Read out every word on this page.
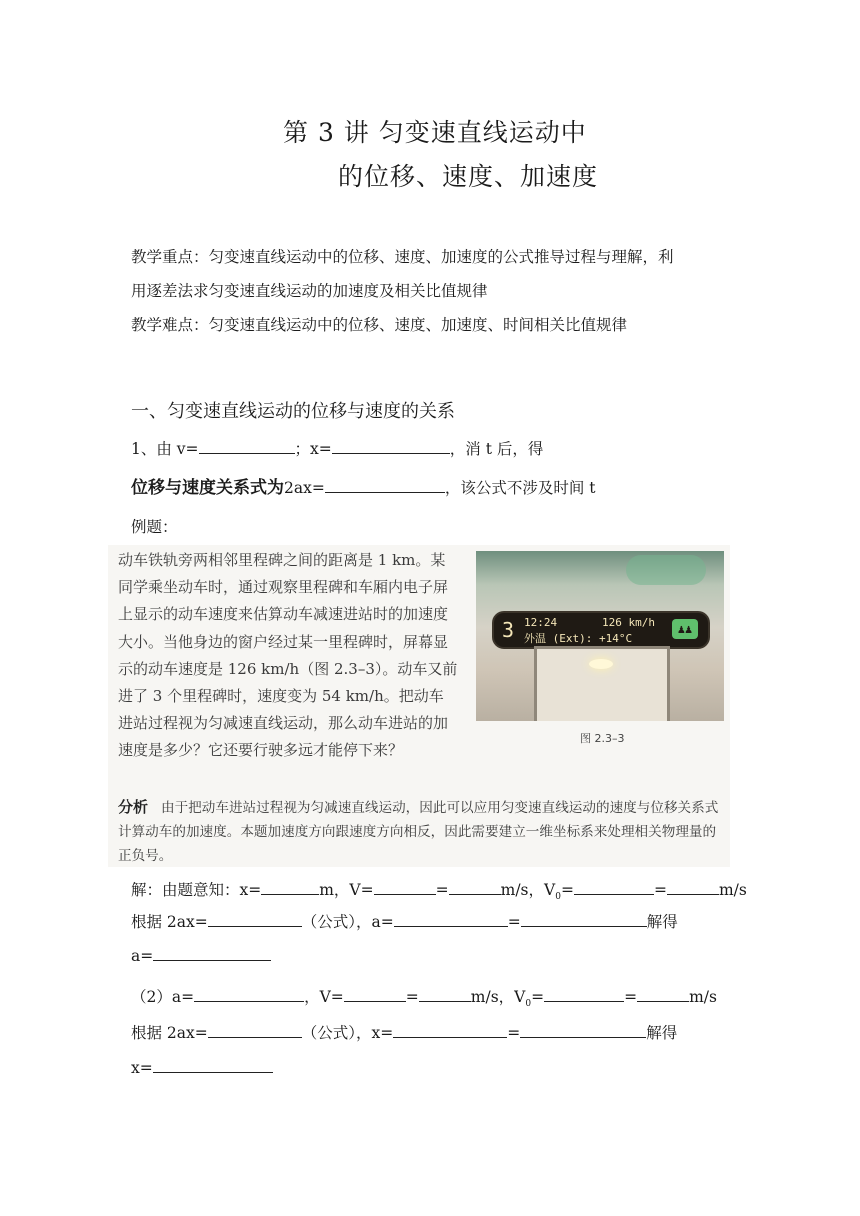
第 3 讲 匀变速直线运动中
的位移、速度、加速度
教学重点：匀变速直线运动中的位移、速度、加速度的公式推导过程与理解，利
用逐差法求匀变速直线运动的加速度及相关比值规律
教学难点：匀变速直线运动中的位移、速度、加速度、时间相关比值规律
一、匀变速直线运动的位移与速度的关系
1、由 v=	；x=	，消 t 后，得
位移与速度关系式为2ax=	，该公式不涉及时间 t
例题：
动车铁轨旁两相邻里程碑之间的距离是 1 km。某同学乘坐动车时，通过观察里程碑和车厢内电子屏上显示的动车速度来估算动车减速进站时的加速度大小。当他身边的窗户经过某一里程碑时，屏幕显示的动车速度是 126 km/h（图 2.3–3）。动车又前进了 3 个里程碑时，速度变为 54 km/h。把动车进站过程视为匀减速直线运动，那么动车进站的加速度是多少？它还要行驶多远才能停下来？
3 12:24	126 km/h
外温 (Ext): +14°C
♟♟
图 2.3–3
分析 由于把动车进站过程视为匀减速直线运动，因此可以应用匀变速直线运动的速度与位移关系式计算动车的加速度。本题加速度方向跟速度方向相反，因此需要建立一维坐标系来处理相关物理量的正负号。
解：由题意知：x=	m，V=	=	m/s，$V_0=$	=	m/s
根据 2ax=	（公式），a=	=	解得
a=
（2）a=	，V=	=	m/s，$V_0=$	=	m/s
根据 2ax=	（公式），x=	=	解得
x=
